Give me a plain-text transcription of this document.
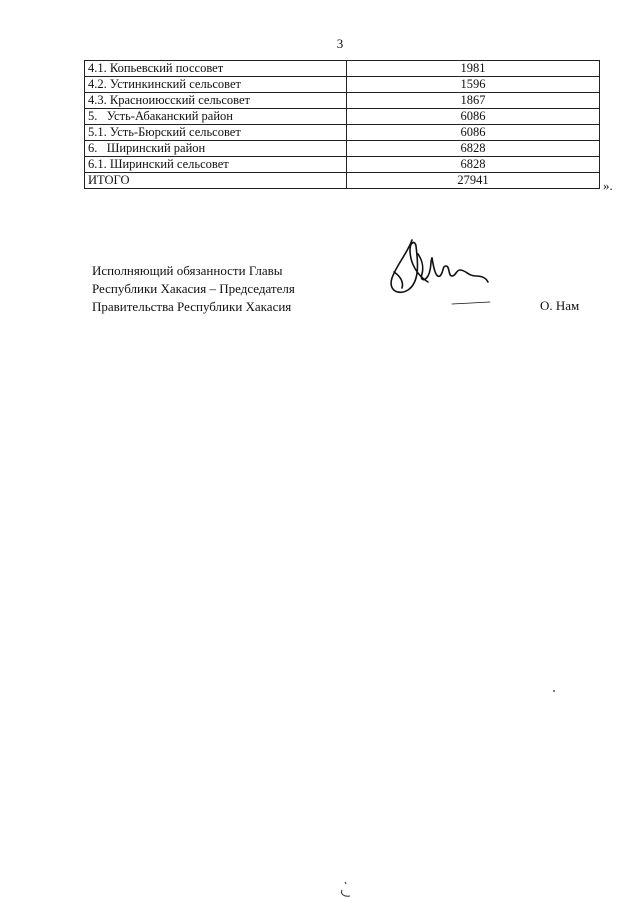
3
4.1. Копьевский поссовет	1981
4.2. Устинкинский сельсовет	1596
4.3. Красноиюсский сельсовет	1867
5.   Усть-Абаканский район	6086
5.1. Усть-Бюрский сельсовет	6086
6.   Ширинский район	6828
6.1. Ширинский сельсовет	6828
ИТОГО	27941	».
Исполняющий обязанности Главы
Республики Хакасия – Председателя
Правительства Республики Хакасия	О. Нам
